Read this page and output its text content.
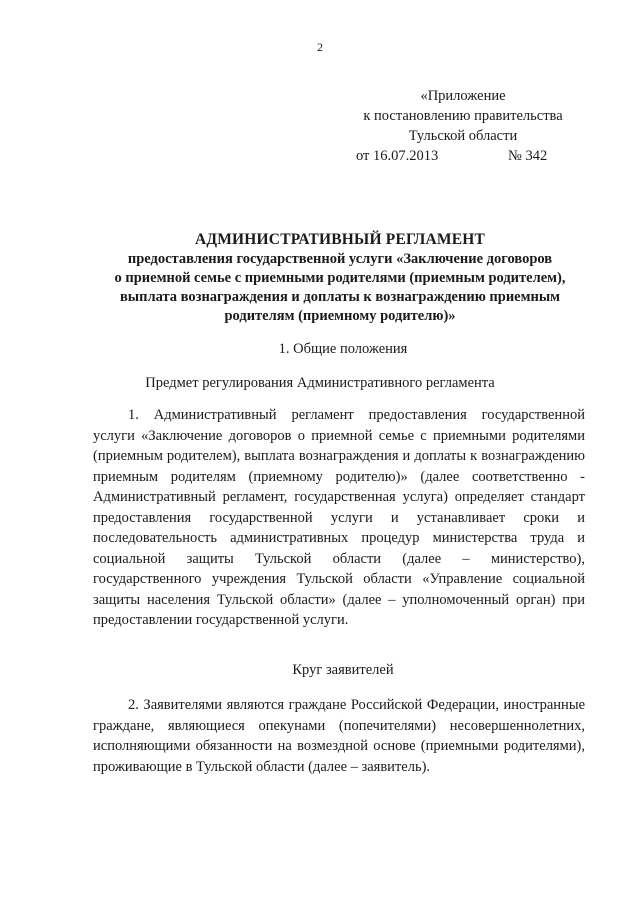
2
«Приложение
к постановлению правительства
Тульской области
от 16.07.2013	№ 342
АДМИНИСТРАТИВНЫЙ РЕГЛАМЕНТ
предоставления государственной услуги «Заключение договоров
о приемной семье с приемными родителями (приемным родителем),
выплата вознаграждения и доплаты к вознаграждению приемным
родителям (приемному родителю)»
1. Общие положения
Предмет регулирования Административного регламента

1. Административный регламент предоставления государственной услуги «Заключение договоров о приемной семье с приемными родителями (приемным родителем), выплата вознаграждения и доплаты к вознаграждению приемным родителям (приемному родителю)» (далее соответственно - Административный регламент, государственная услуга) определяет стандарт предоставления государственной услуги и устанавливает сроки и последовательность административных процедур министерства труда и социальной защиты Тульской области (далее – министерство), государственного учреждения Тульской области «Управление социальной защиты населения Тульской области» (далее – уполномоченный орган) при предоставлении государственной услуги.

Круг заявителей

2. Заявителями являются граждане Российской Федерации, иностранные граждане, являющиеся опекунами (попечителями) несовершеннолетних, исполняющими обязанности на возмездной основе (приемными родителями), проживающие в Тульской области (далее – заявитель).
